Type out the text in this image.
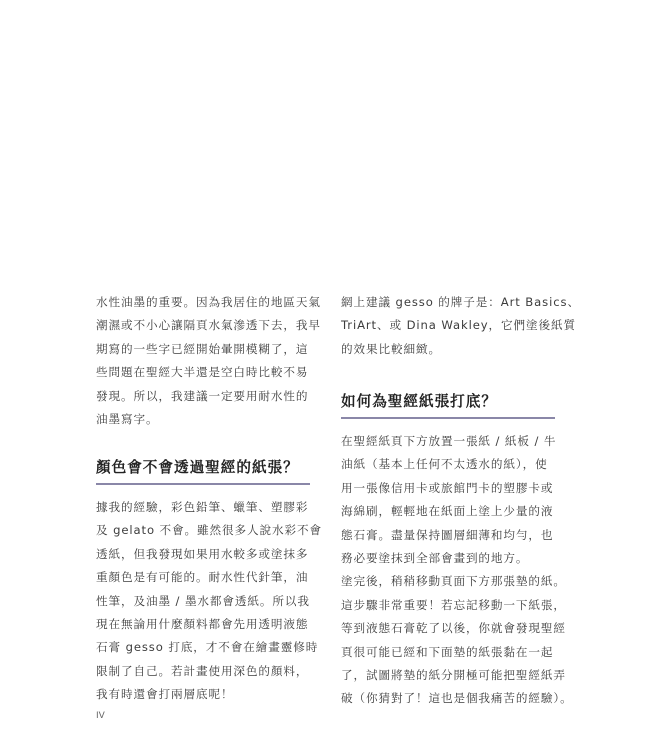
水性油墨的重要。因為我居住的地區天氣

潮濕或不小心讓隔頁水氣滲透下去，我早

期寫的一些字已經開始暈開模糊了，這

些問題在聖經大半還是空白時比較不易

發現。所以，我建議一定要用耐水性的

油墨寫字。

顏色會不會透過聖經的紙張？

據我的經驗，彩色鉛筆、蠟筆、塑膠彩

及 gelato 不會。雖然很多人說水彩不會

透紙，但我發現如果用水較多或塗抹多

重顏色是有可能的。耐水性代針筆，油

性筆，及油墨 / 墨水都會透紙。所以我

現在無論用什麼顏料都會先用透明液態

石膏 gesso 打底，才不會在繪畫靈修時

限制了自己。若計畫使用深色的顏料，

我有時還會打兩層底呢！

網上建議 gesso 的牌子是：Art Basics、

TriArt、或 Dina Wakley，它們塗後紙質

的效果比較細緻。

如何為聖經紙張打底？

在聖經紙頁下方放置一張紙 / 紙板 / 牛

油紙（基本上任何不太透水的紙），使

用一張像信用卡或旅館門卡的塑膠卡或

海綿刷，輕輕地在紙面上塗上少量的液

態石膏。盡量保持圖層細薄和均勻，也

務必要塗抹到全部會畫到的地方。

塗完後，稍稍移動頁面下方那張墊的紙。

這步驟非常重要！若忘記移動一下紙張，

等到液態石膏乾了以後，你就會發現聖經

頁很可能已經和下面墊的紙張黏在一起

了，試圖將墊的紙分開極可能把聖經紙弄

破（你猜對了！這也是個我痛苦的經驗）。

IV
